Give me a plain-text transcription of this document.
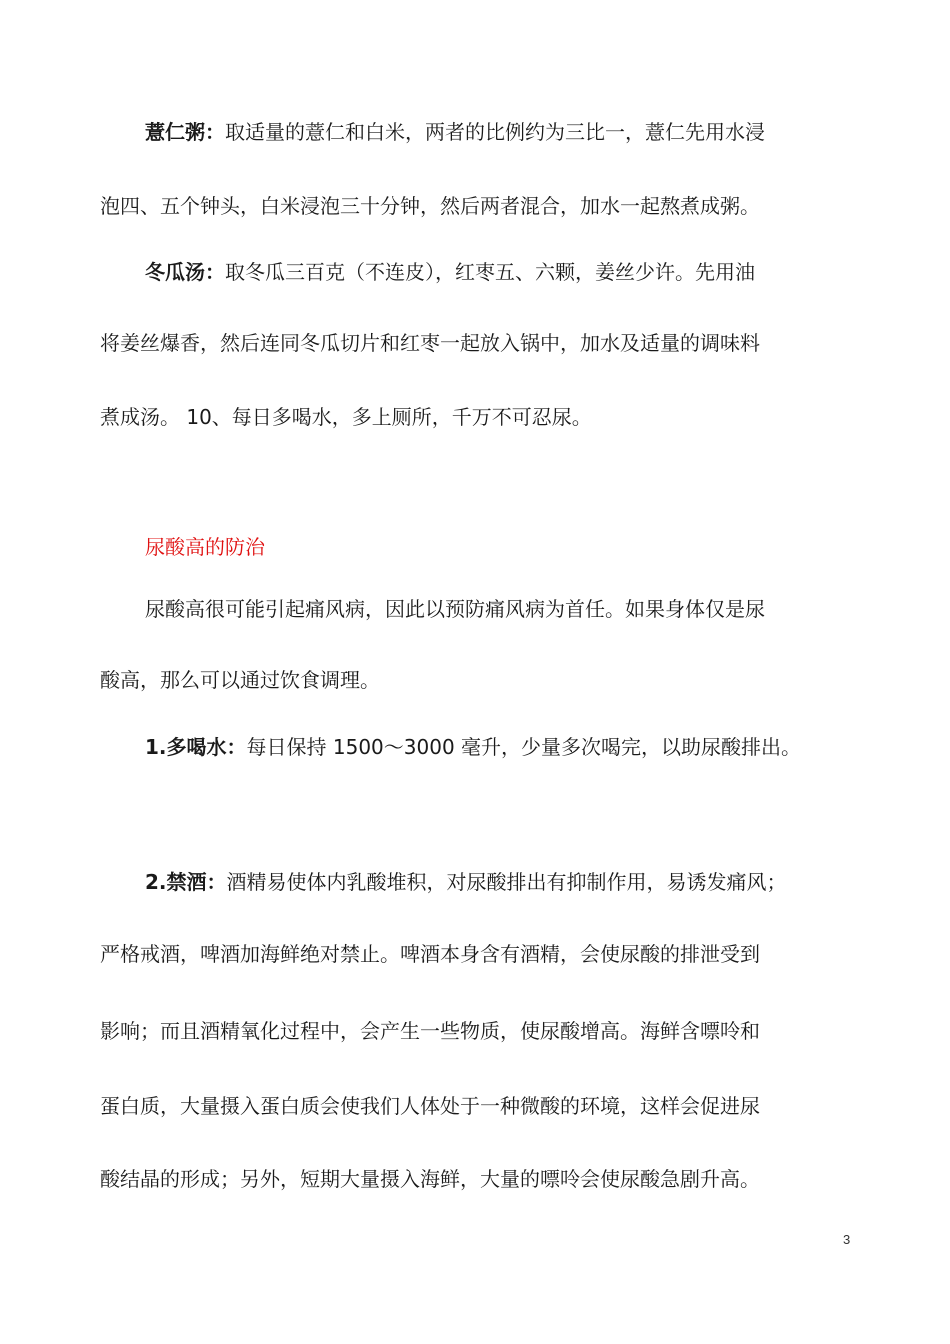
薏仁粥：取适量的薏仁和白米，两者的比例约为三比一，薏仁先用水浸
泡四、五个钟头，白米浸泡三十分钟，然后两者混合，加水一起熬煮成粥。
冬瓜汤：取冬瓜三百克（不连皮），红枣五、六颗，姜丝少许。先用油
将姜丝爆香，然后连同冬瓜切片和红枣一起放入锅中，加水及适量的调味料
煮成汤。 10、每日多喝水，多上厕所，千万不可忍尿。
尿酸高的防治
尿酸高很可能引起痛风病，因此以预防痛风病为首任。如果身体仅是尿
酸高，那么可以通过饮食调理。
1.多喝水：每日保持 1500～3000 毫升，少量多次喝完，以助尿酸排出。
2.禁酒：酒精易使体内乳酸堆积，对尿酸排出有抑制作用，易诱发痛风；
严格戒酒，啤酒加海鲜绝对禁止。啤酒本身含有酒精，会使尿酸的排泄受到
影响；而且酒精氧化过程中，会产生一些物质，使尿酸增高。海鲜含嘌呤和
蛋白质，大量摄入蛋白质会使我们人体处于一种微酸的环境，这样会促进尿
酸结晶的形成；另外，短期大量摄入海鲜，大量的嘌呤会使尿酸急剧升高。
3
